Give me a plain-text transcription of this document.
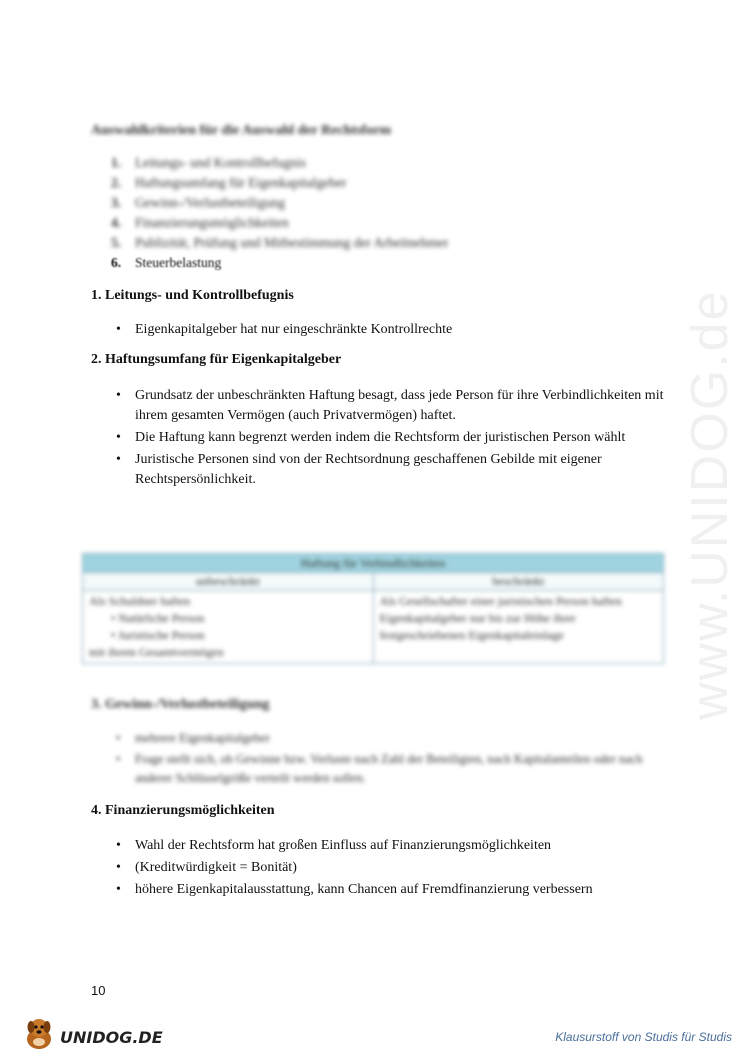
www.UNIDOG.de
Auswahlkriterien für die Auswahl der Rechtsform
1. Leitungs- und Kontrollbefugnis
2. Haftungsumfang für Eigenkapitalgeber
3. Gewinn-/Verlustbeteiligung
4. Finanzierungsmöglichkeiten
5. Publizität, Prüfung und Mitbestimmung der Arbeitnehmer
6. Steuerbelastung
1. Leitungs- und Kontrollbefugnis
• Eigenkapitalgeber hat nur eingeschränkte Kontrollrechte
2. Haftungsumfang für Eigenkapitalgeber
• Grundsatz der unbeschränkten Haftung besagt, dass jede Person für ihre Verbindlichkeiten mit ihrem gesamten Vermögen (auch Privatvermögen) haftet.
• Die Haftung kann begrenzt werden indem die Rechtsform der juristischen Person wählt
• Juristische Personen sind von der Rechtsordnung geschaffenen Gebilde mit eigener Rechtspersönlichkeit.
Haftung für Verbindlichkeiten
unbeschränkt	beschränkt
Als Schuldner haften
• Natürliche Person
• Juristische Person
mit ihrem Gesamtvermögen
Als Gesellschafter einer juristischen Person haften Eigenkapitalgeber nur bis zur Höhe ihrer festgeschriebenen Eigenkapitaleinlage
3. Gewinn-/Verlustbeteiligung
• mehrere Eigenkapitalgeber
• Frage stellt sich, ob Gewinne bzw. Verluste nach Zahl der Beteiligten, nach Kapitalanteilen oder nach anderer Schlüsselgröße verteilt werden sollen.
4. Finanzierungsmöglichkeiten
• Wahl der Rechtsform hat großen Einfluss auf Finanzierungsmöglichkeiten
• (Kreditwürdigkeit = Bonität)
• höhere Eigenkapitalausstattung, kann Chancen auf Fremdfinanzierung verbessern
10
UNIDOG.DE	Klausurstoff von Studis für Studis
